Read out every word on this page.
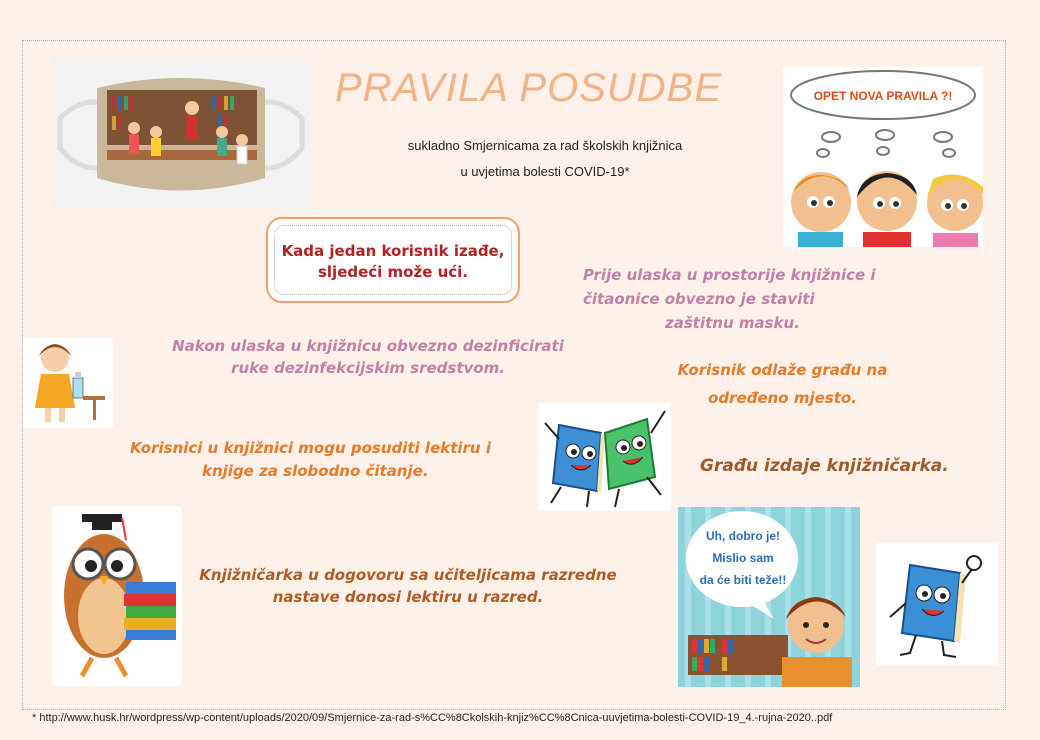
PRAVILA POSUDBE
sukladno Smjernicama za rad školskih knjižnica
u uvjetima bolesti COVID-19*
OPET NOVA PRAVILA ?!
Kada jedan korisnik izađe,
sljedeći može ući.	Prije ulaska u prostorije knjižnice i
čitaonice obvezno je staviti
zaštitnu masku.
Nakon ulaska u knjižnicu obvezno dezinficirati
ruke dezinfekcijskim sredstvom.	Korisnik odlaže građu na
određeno mjesto.
Korisnici u knjižnici mogu posuditi lektiru i
knjige za slobodno čitanje.	Građu izdaje knjižničarka.
Knjižničarka u dogovoru sa učiteljicama razredne
nastave donosi lektiru u razred.
Uh, dobro je!
Mislio sam
da će biti teže!!
* http://www.husk.hr/wordpress/wp-content/uploads/2020/09/Smjernice-za-rad-s%CC%8Ckolskih-knjiz%CC%8Cnica-uuvjetima-bolesti-COVID-19_4.-rujna-2020..pdf
